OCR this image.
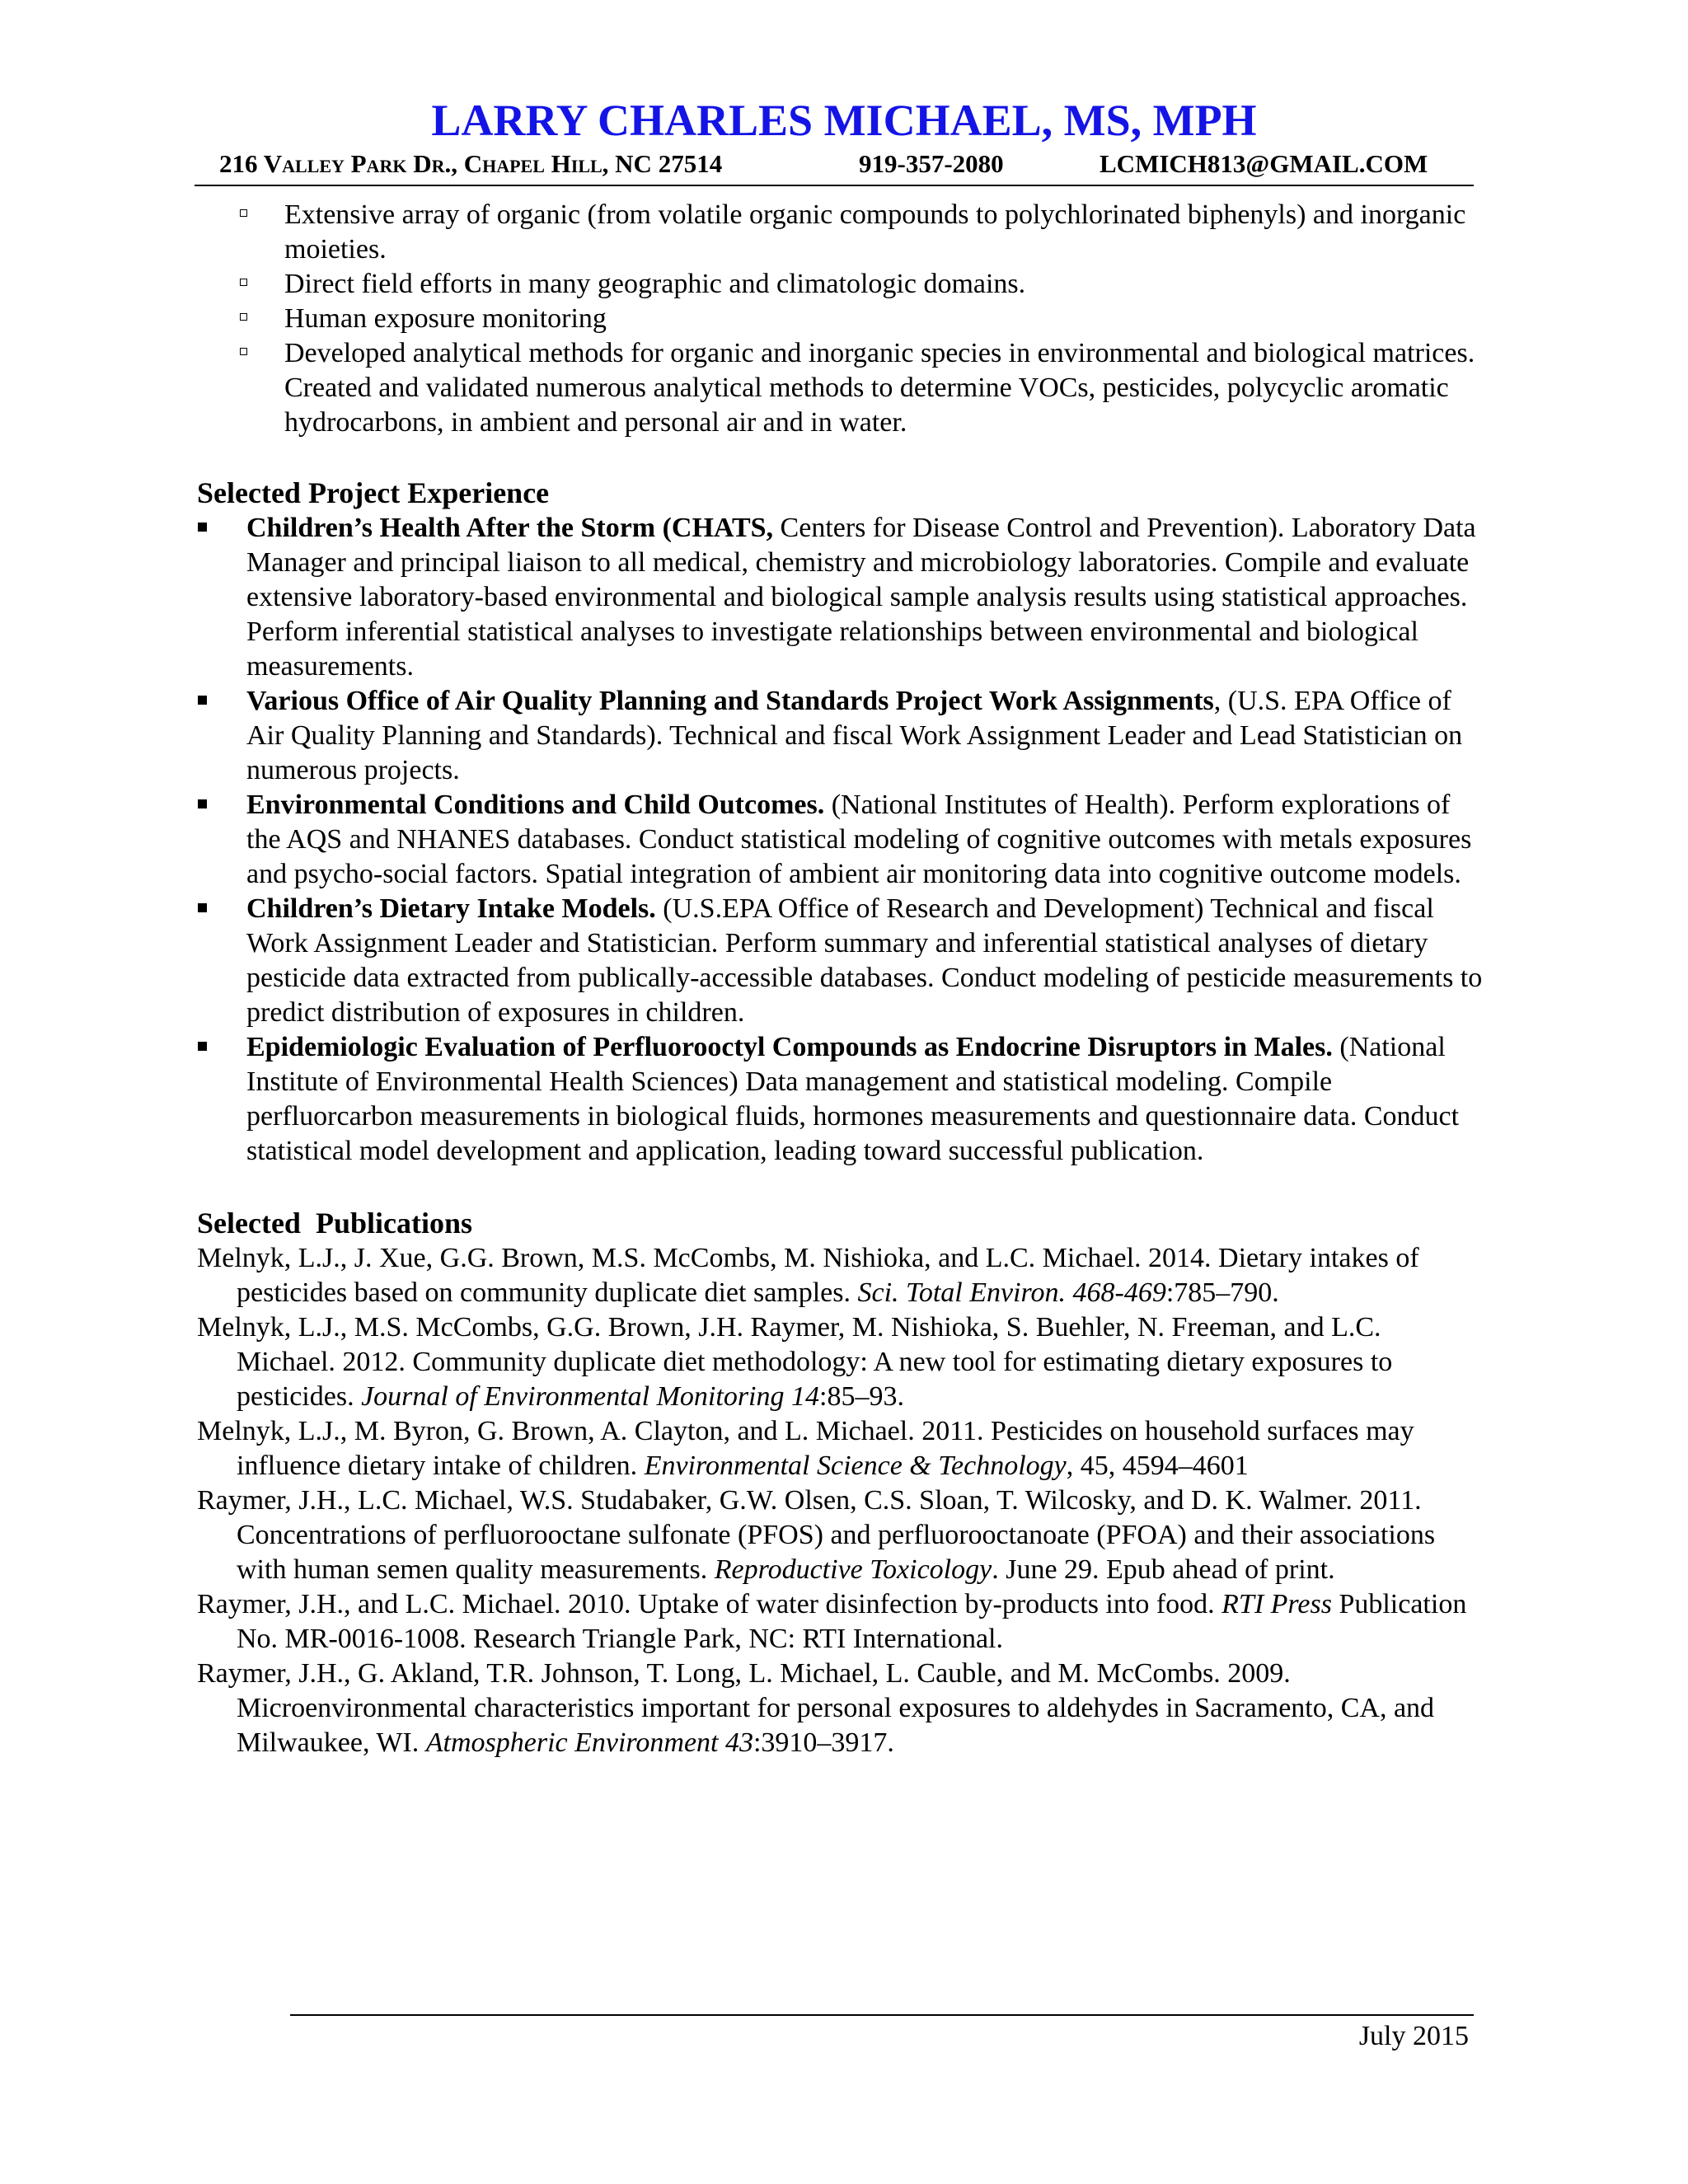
LARRY CHARLES MICHAEL, MS, MPH
216 Valley Park Dr., Chapel Hill, NC 27514	919-357-2080	LCMICH813@GMAIL.COM
Extensive array of organic (from volatile organic compounds to polychlorinated biphenyls) and inorganic moieties.
Direct field efforts in many geographic and climatologic domains.
Human exposure monitoring
Developed analytical methods for organic and inorganic species in environmental and biological matrices. Created and validated numerous analytical methods to determine VOCs, pesticides, polycyclic aromatic hydrocarbons, in ambient and personal air and in water.
Selected Project Experience
Children’s Health After the Storm (CHATS, Centers for Disease Control and Prevention). Laboratory Data Manager and principal liaison to all medical, chemistry and microbiology laboratories. Compile and evaluate extensive laboratory-based environmental and biological sample analysis results using statistical approaches. Perform inferential statistical analyses to investigate relationships between environmental and biological measurements.
Various Office of Air Quality Planning and Standards Project Work Assignments, (U.S. EPA Office of Air Quality Planning and Standards). Technical and fiscal Work Assignment Leader and Lead Statistician on numerous projects.
Environmental Conditions and Child Outcomes. (National Institutes of Health). Perform explorations of the AQS and NHANES databases. Conduct statistical modeling of cognitive outcomes with metals exposures and psycho-social factors. Spatial integration of ambient air monitoring data into cognitive outcome models.
Children’s Dietary Intake Models. (U.S.EPA Office of Research and Development) Technical and fiscal Work Assignment Leader and Statistician. Perform summary and inferential statistical analyses of dietary pesticide data extracted from publically-accessible databases. Conduct modeling of pesticide measurements to predict distribution of exposures in children.
Epidemiologic Evaluation of Perfluorooctyl Compounds as Endocrine Disruptors in Males. (National Institute of Environmental Health Sciences) Data management and statistical modeling. Compile perfluorcarbon measurements in biological fluids, hormones measurements and questionnaire data. Conduct statistical model development and application, leading toward successful publication.
Selected  Publications

Melnyk, L.J., J. Xue, G.G. Brown, M.S. McCombs, M. Nishioka, and L.C. Michael. 2014. Dietary intakes of pesticides based on community duplicate diet samples. Sci. Total Environ. 468-469:785–790.

Melnyk, L.J., M.S. McCombs, G.G. Brown, J.H. Raymer, M. Nishioka, S. Buehler, N. Freeman, and L.C. Michael. 2012. Community duplicate diet methodology: A new tool for estimating dietary exposures to pesticides. Journal of Environmental Monitoring 14:85–93.

Melnyk, L.J., M. Byron, G. Brown, A. Clayton, and L. Michael. 2011. Pesticides on household surfaces may influence dietary intake of children. Environmental Science & Technology, 45, 4594–4601

Raymer, J.H., L.C. Michael, W.S. Studabaker, G.W. Olsen, C.S. Sloan, T. Wilcosky, and D. K. Walmer. 2011. Concentrations of perfluorooctane sulfonate (PFOS) and perfluorooctanoate (PFOA) and their associations with human semen quality measurements. Reproductive Toxicology. June 29. Epub ahead of print.

Raymer, J.H., and L.C. Michael. 2010. Uptake of water disinfection by-products into food. RTI Press Publication No. MR-0016-1008. Research Triangle Park, NC: RTI International.

Raymer, J.H., G. Akland, T.R. Johnson, T. Long, L. Michael, L. Cauble, and M. McCombs. 2009. Microenvironmental characteristics important for personal exposures to aldehydes in Sacramento, CA, and Milwaukee, WI. Atmospheric Environment 43:3910–3917.

July 2015
